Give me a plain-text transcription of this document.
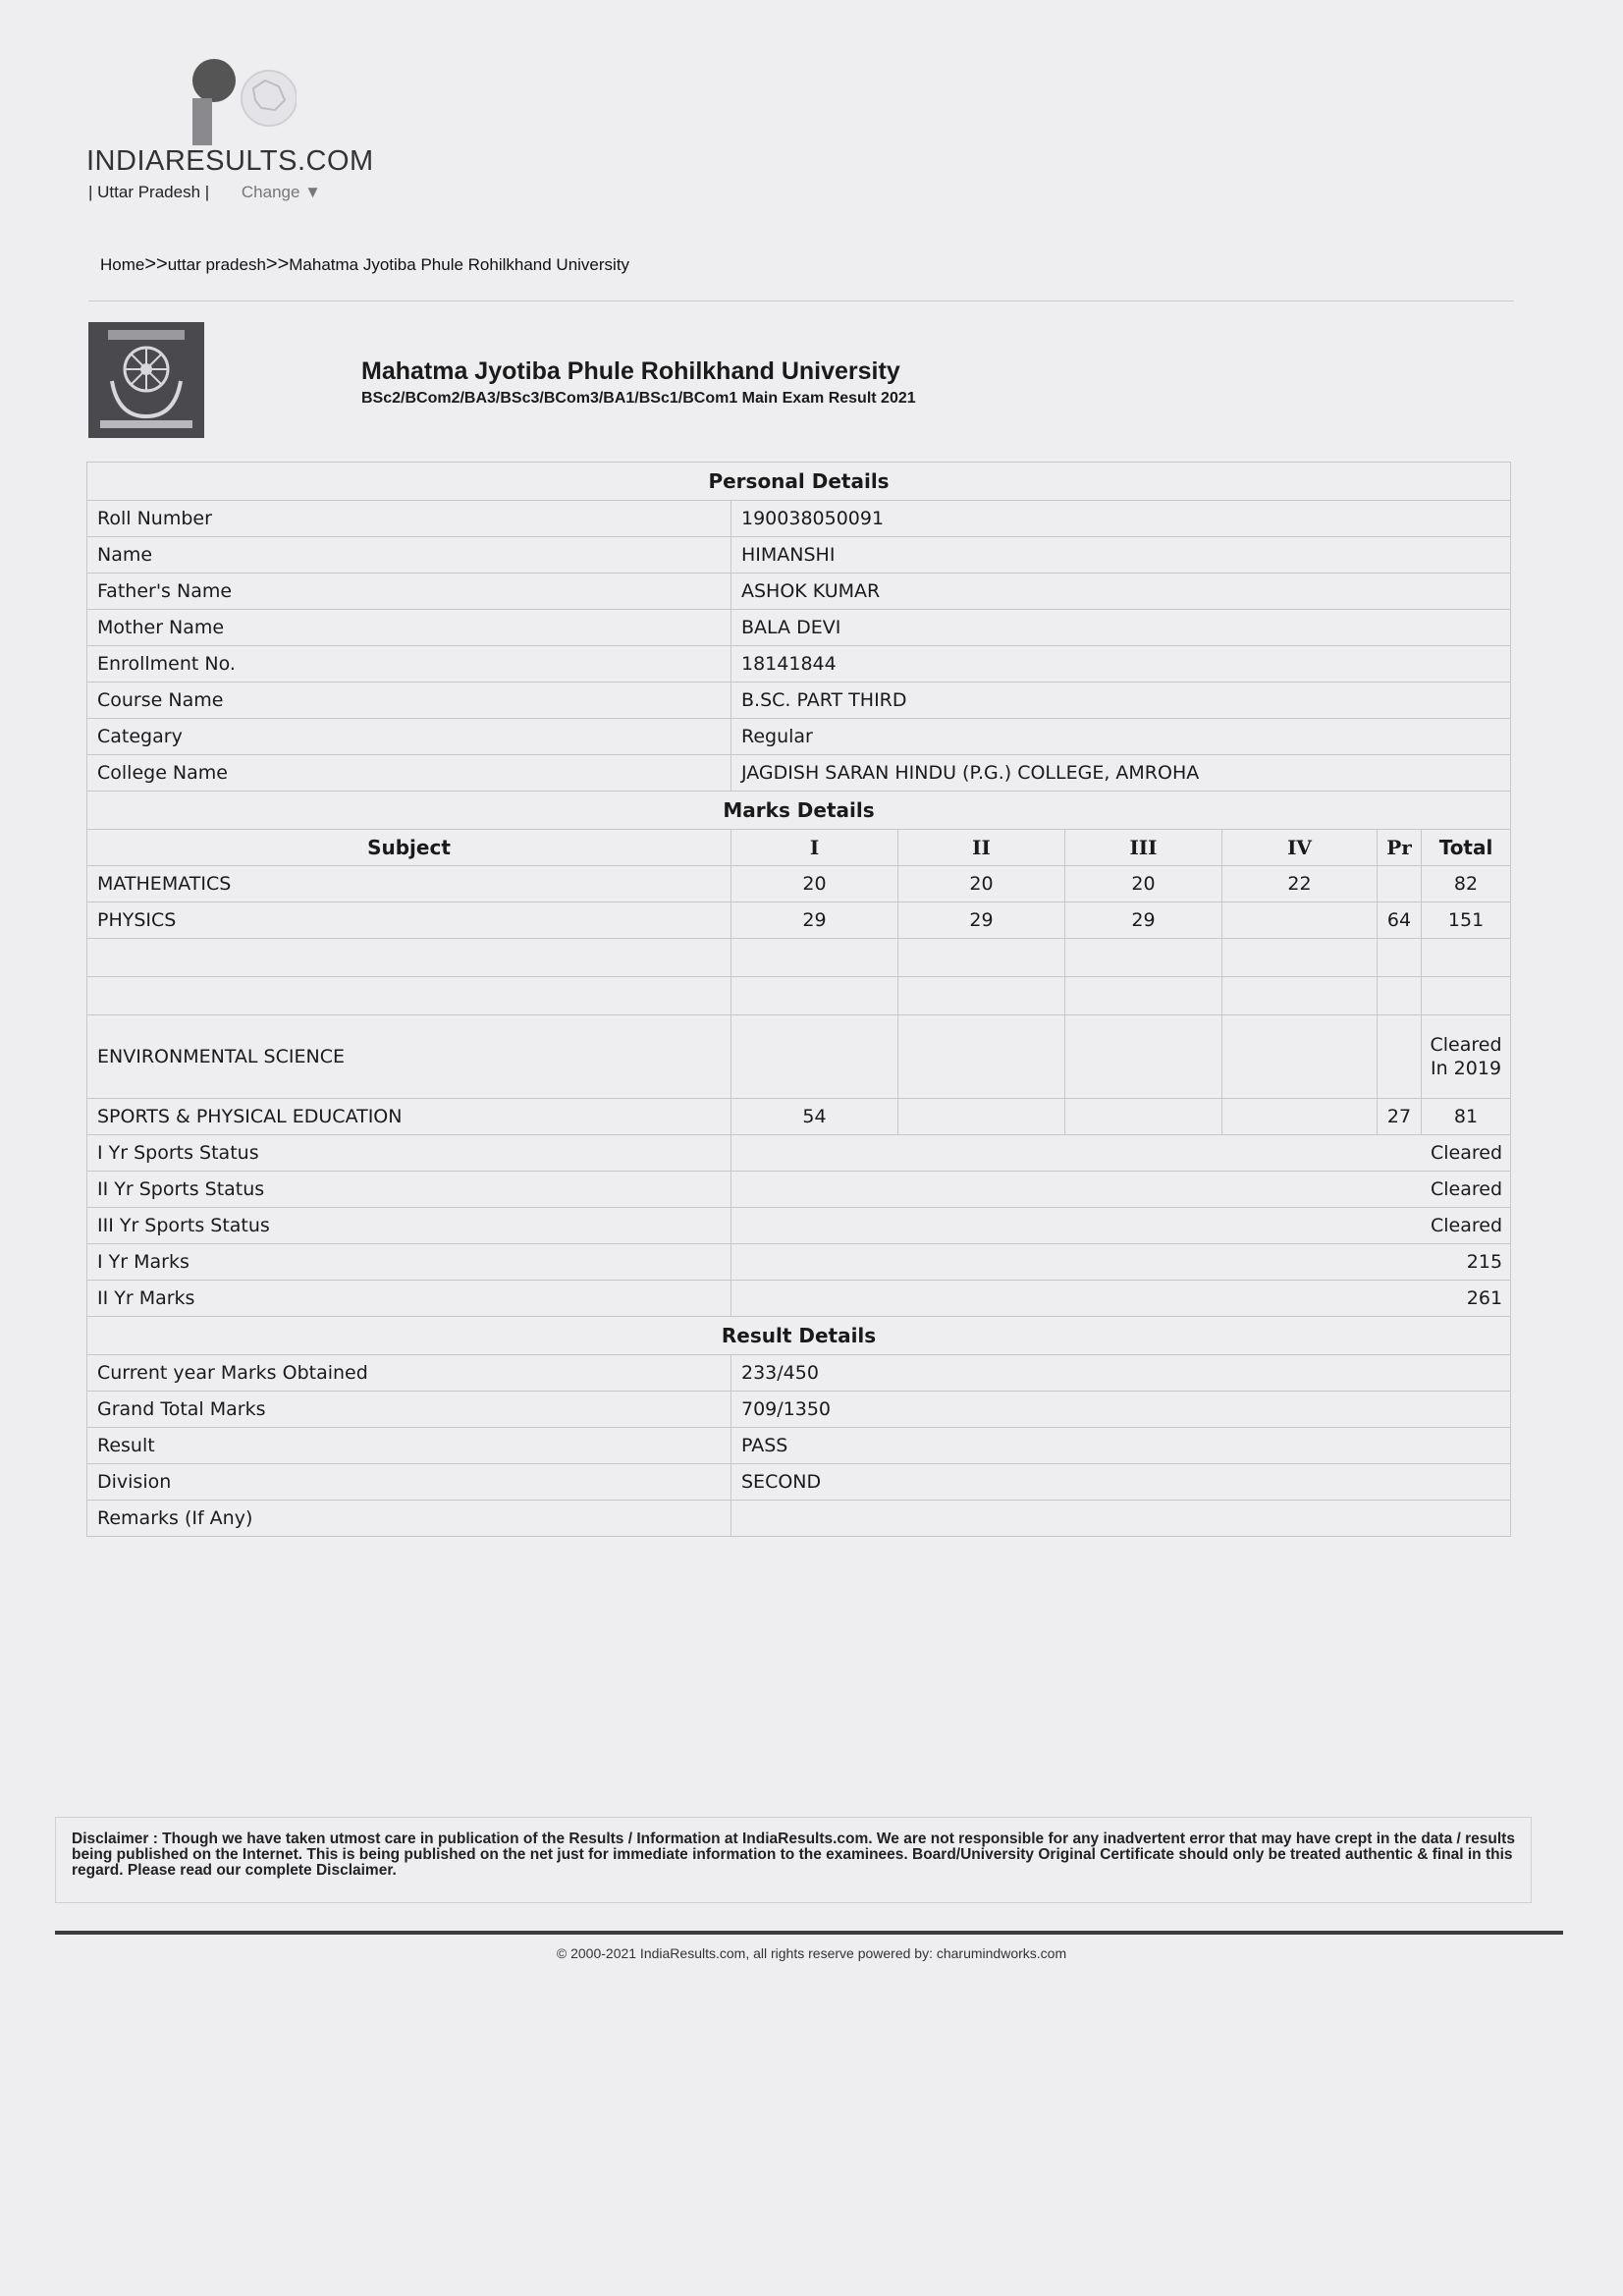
INDIARESULTS.COM
| Uttar Pradesh | Change ▼
Home>>uttar pradesh>>Mahatma Jyotiba Phule Rohilkhand University
Mahatma Jyotiba Phule Rohilkhand University
BSc2/BCom2/BA3/BSc3/BCom3/BA1/BSc1/BCom1 Main Exam Result 2021
Personal Details						
Roll Number	190038050091					
Name	HIMANSHI					
Father's Name	ASHOK KUMAR					
Mother Name	BALA DEVI					
Enrollment No.	18141844					
Course Name	B.SC. PART THIRD					
Categary	Regular					
College Name	JAGDISH SARAN HINDU (P.G.) COLLEGE, AMROHA					
Marks Details						
Subject	I	II	III	IV	Pr	Total
MATHEMATICS	20	20	20	22		82
PHYSICS	29	29	29		64	151

ENVIRONMENTAL SCIENCE						Cleared In 2019
SPORTS & PHYSICAL EDUCATION	54				27	81
I Yr Sports Status	Cleared					
II Yr Sports Status	Cleared					
III Yr Sports Status	Cleared					
I Yr Marks	215					
II Yr Marks	261					
Result Details						
Current year Marks Obtained	233/450					
Grand Total Marks	709/1350					
Result	PASS					
Division	SECOND					
Remarks (If Any)						
Disclaimer : Though we have taken utmost care in publication of the Results / Information at IndiaResults.com. We are not responsible for any inadvertent error that may have crept in the data / results being published on the Internet. This is being published on the net just for immediate information to the examinees. Board/University Original Certificate should only be treated authentic & final in this regard. Please read our complete Disclaimer.
© 2000-2021 IndiaResults.com, all rights reserve powered by: charumindworks.com
